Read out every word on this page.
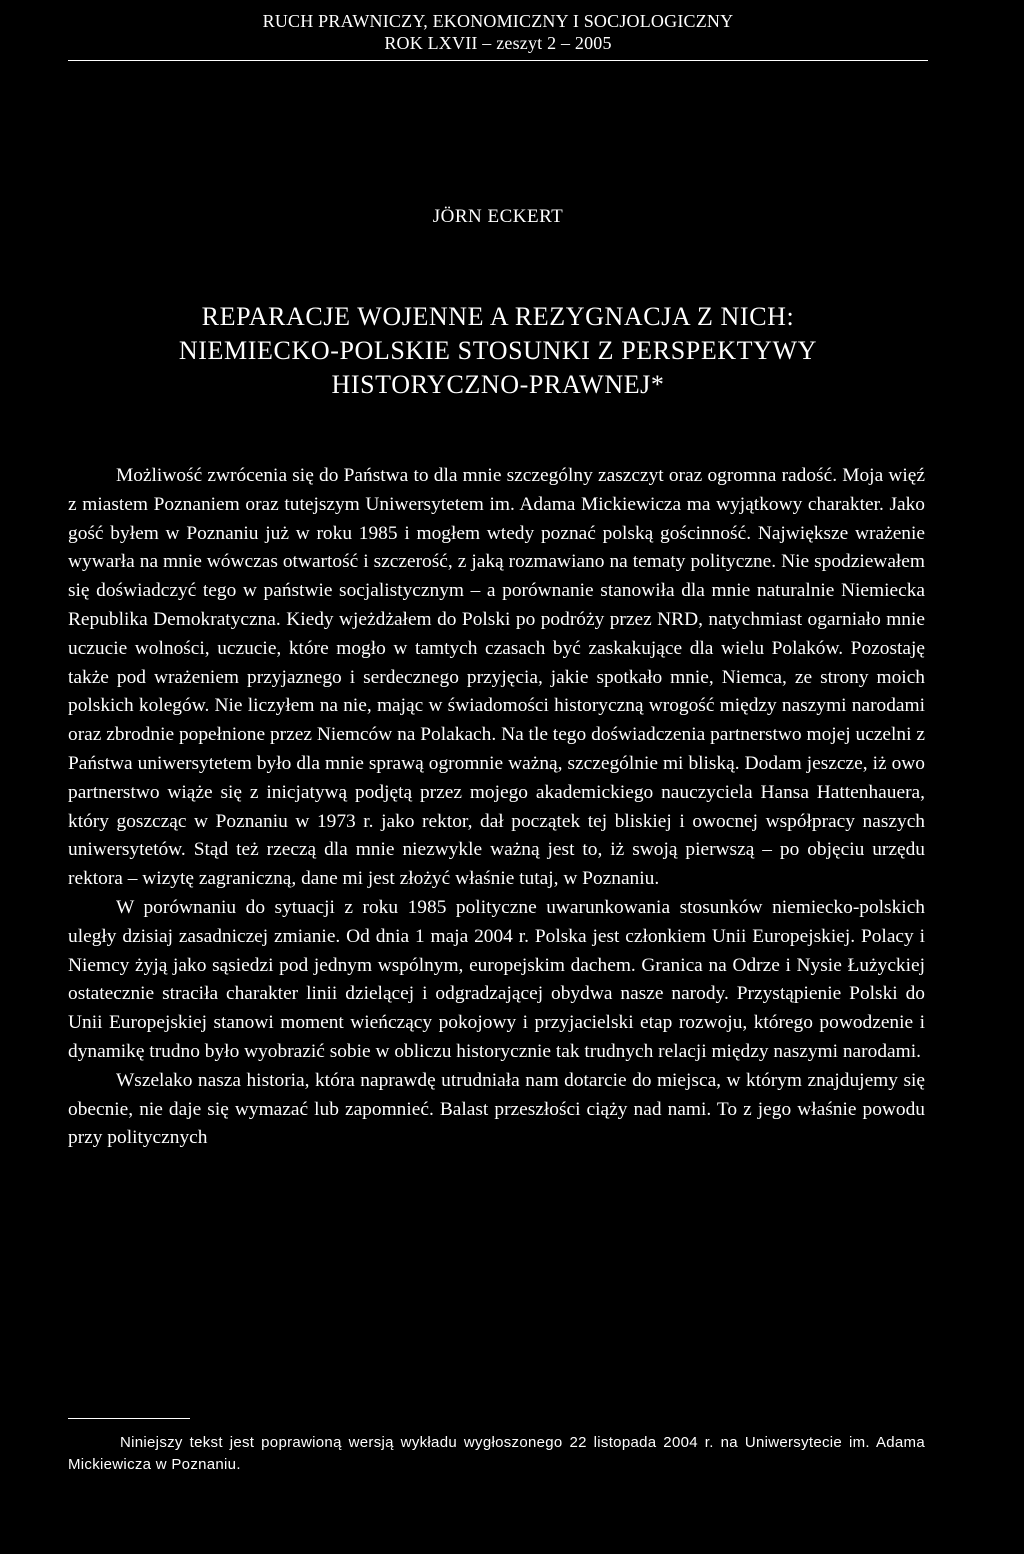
RUCH PRAWNICZY, EKONOMICZNY I SOCJOLOGICZNY
ROK LXVII – zeszyt 2 – 2005
JÖRN ECKERT
REPARACJE WOJENNE A REZYGNACJA Z NICH:
NIEMIECKO-POLSKIE STOSUNKI Z PERSPEKTYWY
HISTORYCZNO-PRAWNEJ*

Możliwość zwrócenia się do Państwa to dla mnie szczególny zaszczyt oraz ogromna radość. Moja więź z miastem Poznaniem oraz tutejszym Uniwersytetem im. Adama Mickiewicza ma wyjątkowy charakter. Jako gość byłem w Poznaniu już w roku 1985 i mogłem wtedy poznać polską gościnność. Największe wrażenie wywarła na mnie wówczas otwartość i szczerość, z jaką rozmawiano na tematy polityczne. Nie spodziewałem się doświadczyć tego w państwie socjalistycznym – a porównanie stanowiła dla mnie naturalnie Niemiecka Republika Demokratyczna. Kiedy wjeżdżałem do Polski po podróży przez NRD, natychmiast ogarniało mnie uczucie wolności, uczucie, które mogło w tamtych czasach być zaskakujące dla wielu Polaków. Pozostaję także pod wrażeniem przyjaznego i serdecznego przyjęcia, jakie spotkało mnie, Niemca, ze strony moich polskich kolegów. Nie liczyłem na nie, mając w świadomości historyczną wrogość między naszymi narodami oraz zbrodnie popełnione przez Niemców na Polakach. Na tle tego doświadczenia partnerstwo mojej uczelni z Państwa uniwersytetem było dla mnie sprawą ogromnie ważną, szczególnie mi bliską. Dodam jeszcze, iż owo partnerstwo wiąże się z inicjatywą podjętą przez mojego akademickiego nauczyciela Hansa Hattenhauera, który goszcząc w Poznaniu w 1973 r. jako rektor, dał początek tej bliskiej i owocnej współpracy naszych uniwersytetów. Stąd też rzeczą dla mnie niezwykle ważną jest to, iż swoją pierwszą – po objęciu urzędu rektora – wizytę zagraniczną, dane mi jest złożyć właśnie tutaj, w Poznaniu.

W porównaniu do sytuacji z roku 1985 polityczne uwarunkowania stosunków niemiecko-polskich uległy dzisiaj zasadniczej zmianie. Od dnia 1 maja 2004 r. Polska jest członkiem Unii Europejskiej. Polacy i Niemcy żyją jako sąsiedzi pod jednym wspólnym, europejskim dachem. Granica na Odrze i Nysie Łużyckiej ostatecznie straciła charakter linii dzielącej i odgradzającej obydwa nasze narody. Przystąpienie Polski do Unii Europejskiej stanowi moment wieńczący pokojowy i przyjacielski etap rozwoju, którego powodzenie i dynamikę trudno było wyobrazić sobie w obliczu historycznie tak trudnych relacji między naszymi narodami.

Wszelako nasza historia, która naprawdę utrudniała nam dotarcie do miejsca, w którym znajdujemy się obecnie, nie daje się wymazać lub zapomnieć. Balast przeszłości ciąży nad nami. To z jego właśnie powodu przy politycznych

Niniejszy tekst jest poprawioną wersją wykładu wygłoszonego 22 listopada 2004 r. na Uniwersytecie im. Adama Mickiewicza w Poznaniu.
